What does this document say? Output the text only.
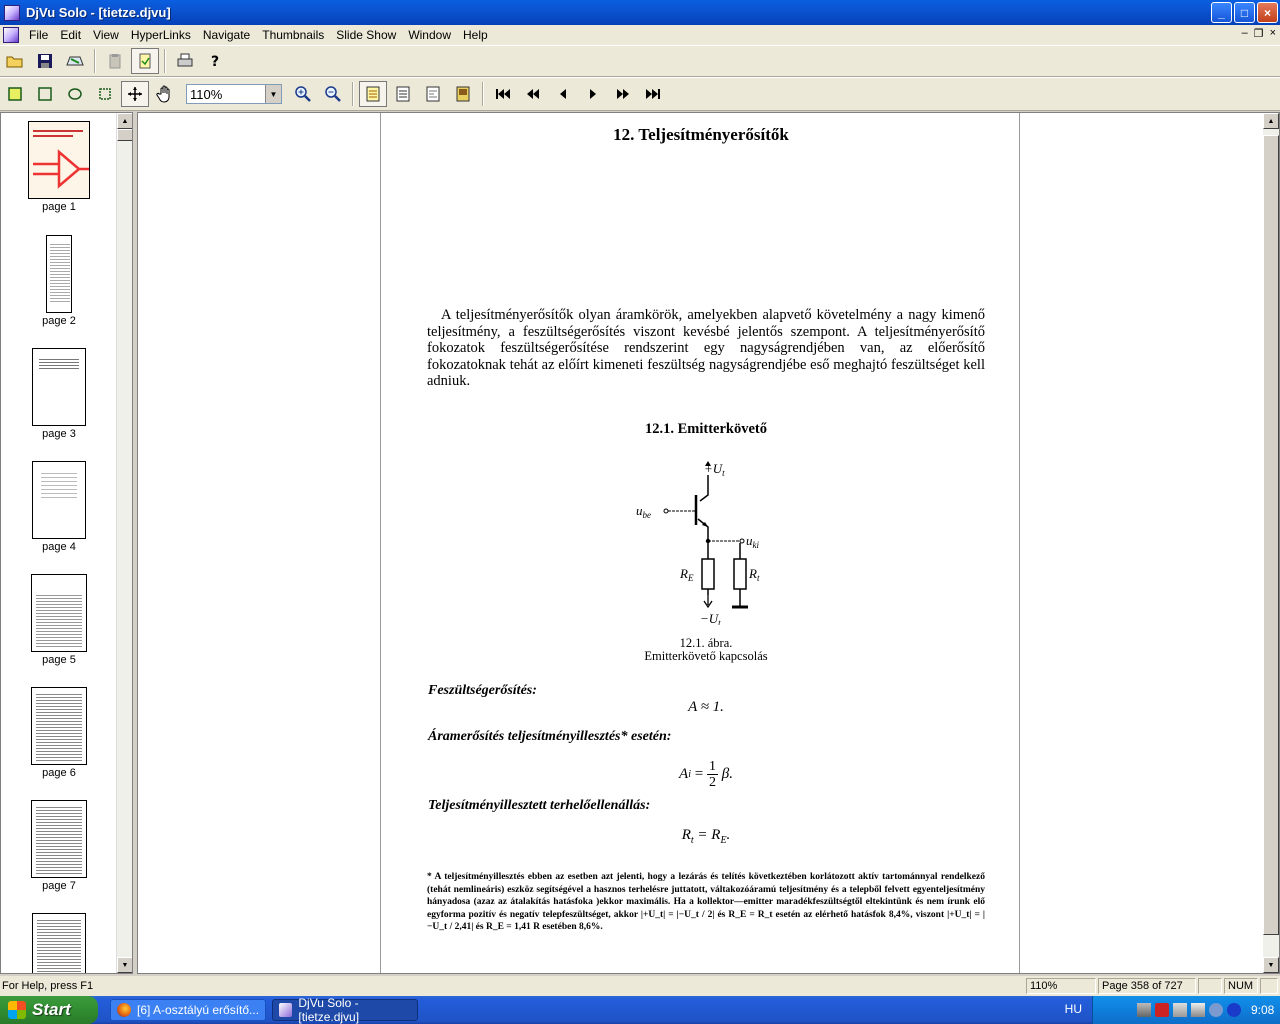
DjVu Solo - [tietze.djvu]	_	□	×
File	Edit	View	HyperLinks	Navigate	Thumbnails	Slide Show	Window	Help	– ❐ ×
?
110%	▼
page 1
page 2
page 3
page 4
page 5
page 6
page 7
▲
▼
12. Teljesítményerősítők
A teljesítményerősítők olyan áramkörök, amelyekben alapvető követelmény a nagy kimenő teljesítmény, a feszültségerősítés viszont kevésbé jelentős szempont. A teljesítményerősítő fokozatok feszültségerősítése rendszerint egy nagyságrendjében van, az előerősítő fokozatoknak tehát az előírt kimeneti feszültség nagyságrendjébe eső meghajtó feszültséget kell adniuk.
12.1. Emitterkövető
$+U_t$
$u_{be}$
$u_{ki}$
$R_E$	$R_t$
$-U_t$
12.1. ábra.
Emitterkövető kapcsolás
Feszültségerősítés:
A ≈ 1.
Áramerősítés teljesítményillesztés* esetén:
A $i = \frac{1}{2} \beta$.
Teljesítményillesztett terhelőellenállás:
$R_t = R_E$.
* A teljesítményillesztés ebben az esetben azt jelenti, hogy a lezárás és telítés következtében korlátozott aktív tartománnyal rendelkező (tehát nemlineáris) eszköz segítségével a hasznos terhelésre juttatott, váltakozóáramú teljesítmény és a telepből felvett egyenteljesítmény hányadosa (azaz az átalakítás hatásfoka )ekkor maximális. Ha a kollektor—emitter maradékfeszültségtől eltekintünk és nem írunk elő egyforma pozitív és negatív telepfeszültséget, akkor |+U_t| = |−U_t / 2| és R_E = R_t esetén az elérhető hatásfok 8,4%, viszont |+U_t| = |−U_t / 2,41| és R_E = 1,41 R esetében 8,6%.
▲
▼
For Help, press F1	110%	Page 358 of 727	NUM
Start	[6] A-osztályú erősítő...	DjVu Solo - [tietze.djvu]
HU	9:08
